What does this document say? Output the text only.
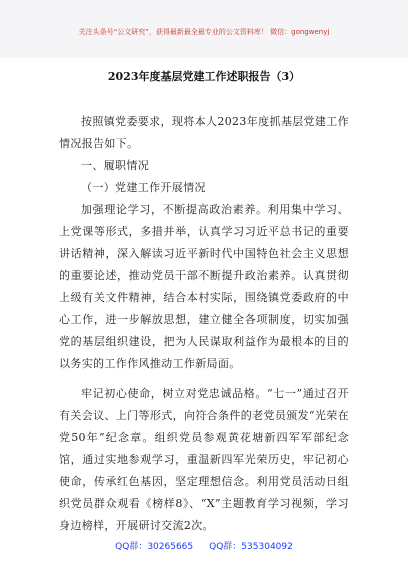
关注头条号“公文研究”，获得最新最全最专业的公文资料库！ 微信：gongwenyj
2023年度基层党建工作述职报告（3）

按照镇党委要求，现将本人2023年度抓基层党建工作情况报告如下。

一、履职情况

（一）党建工作开展情况

加强理论学习，不断提高政治素养。利用集中学习、上党课等形式，多措并举，认真学习习近平总书记的重要讲话精神，深入解读习近平新时代中国特色社会主义思想的重要论述，推动党员干部不断提升政治素养。认真贯彻上级有关文件精神，结合本村实际，围绕镇党委政府的中心工作，进一步解放思想，建立健全各项制度，切实加强党的基层组织建设，把为人民谋取利益作为最根本的目的以务实的工作作风推动工作新局面。

牢记初心使命，树立对党忠诚品格。“七一”通过召开有关会议、上门等形式，向符合条件的老党员颁发“光荣在党50年”纪念章。组织党员参观黄花塘新四军军部纪念馆，通过实地参观学习，重温新四军光荣历史，牢记初心使命，传承红色基因，坚定理想信念。利用党员活动日组织党员群众观看《榜样8》、“X”主题教育学习视频，学习身边榜样，开展研讨交流2次。

QQ群：30265665 QQ群：535304092
